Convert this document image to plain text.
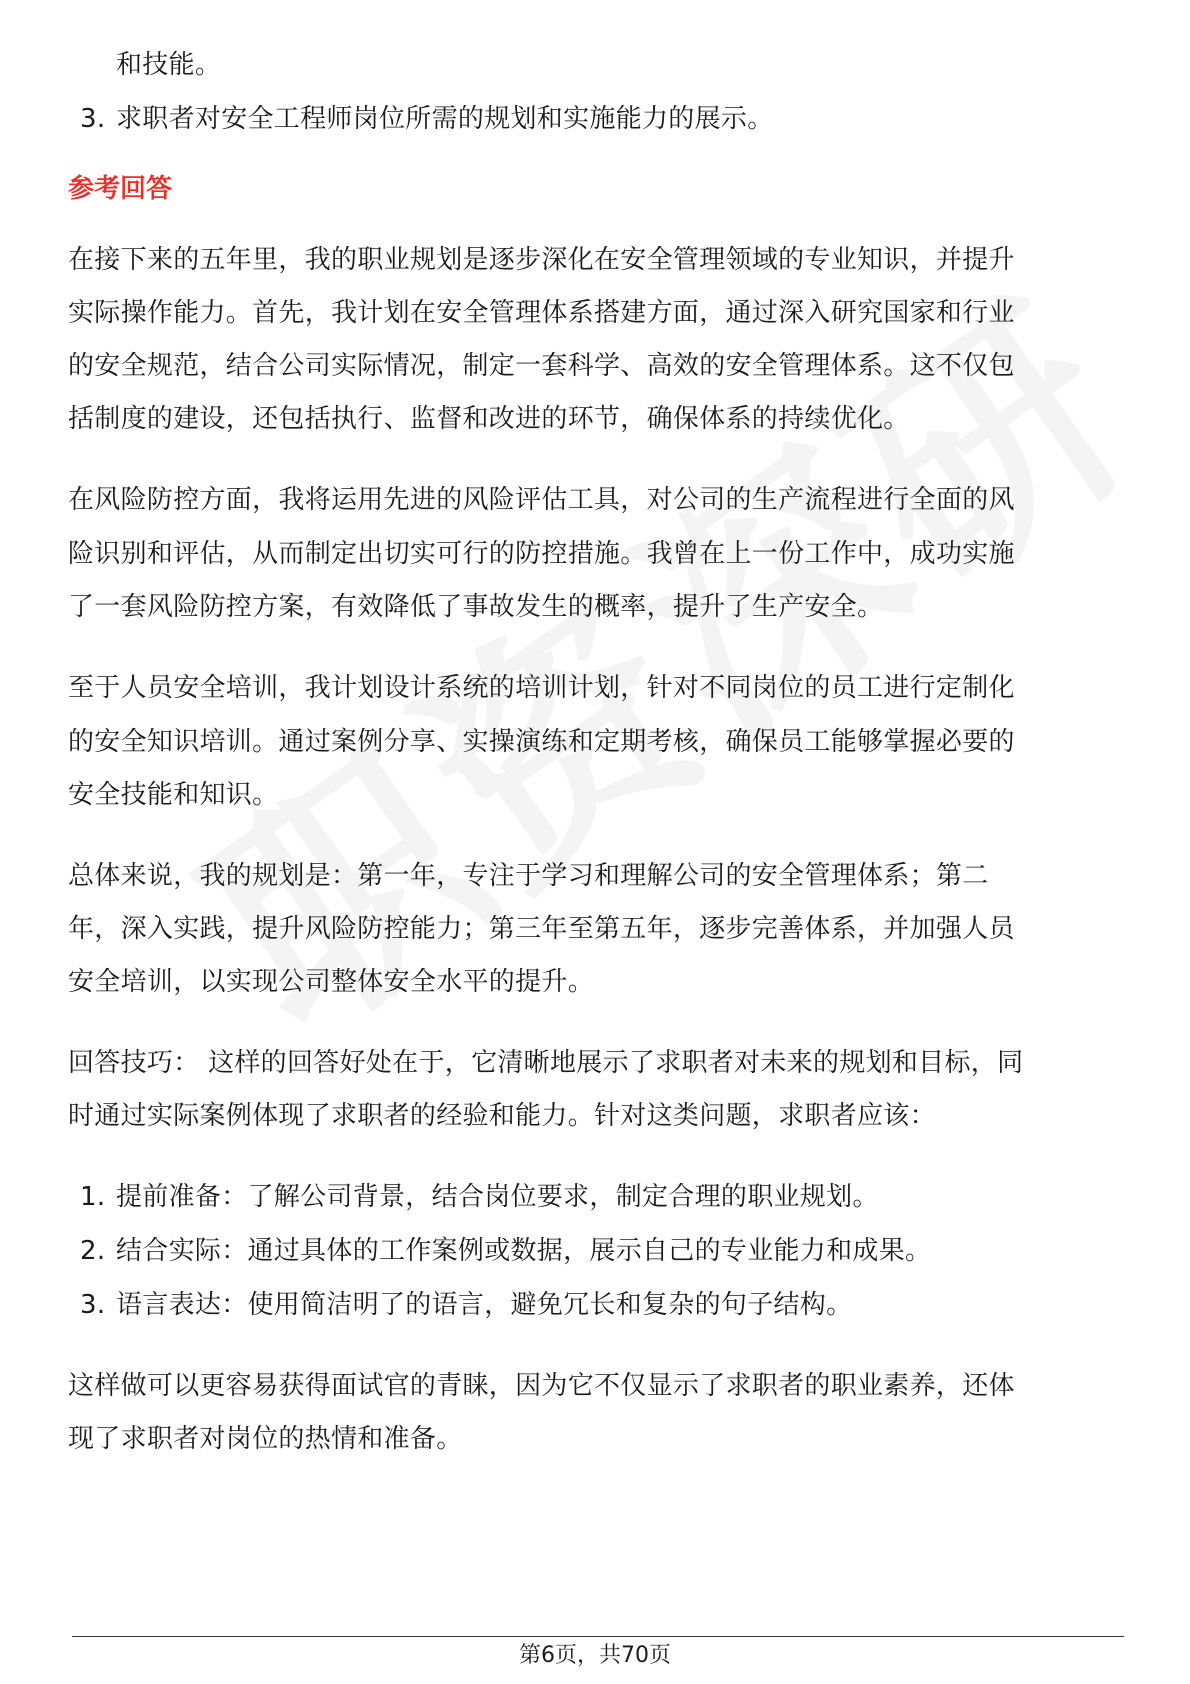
和技能。
3. 求职者对安全工程师岗位所需的规划和实施能力的展示。
参考回答
在接下来的五年里，我的职业规划是逐步深化在安全管理领域的专业知识，并提升
实际操作能力。首先，我计划在安全管理体系搭建方面，通过深入研究国家和行业
的安全规范，结合公司实际情况，制定一套科学、高效的安全管理体系。这不仅包
括制度的建设，还包括执行、监督和改进的环节，确保体系的持续优化。
在风险防控方面，我将运用先进的风险评估工具，对公司的生产流程进行全面的风
险识别和评估，从而制定出切实可行的防控措施。我曾在上一份工作中，成功实施
了一套风险防控方案，有效降低了事故发生的概率，提升了生产安全。
至于人员安全培训，我计划设计系统的培训计划，针对不同岗位的员工进行定制化
的安全知识培训。通过案例分享、实操演练和定期考核，确保员工能够掌握必要的
安全技能和知识。
总体来说，我的规划是：第一年，专注于学习和理解公司的安全管理体系；第二
年，深入实践，提升风险防控能力；第三年至第五年，逐步完善体系，并加强人员
安全培训，以实现公司整体安全水平的提升。
回答技巧： 这样的回答好处在于，它清晰地展示了求职者对未来的规划和目标，同
时通过实际案例体现了求职者的经验和能力。针对这类问题，求职者应该：
1. 提前准备：了解公司背景，结合岗位要求，制定合理的职业规划。
2. 结合实际：通过具体的工作案例或数据，展示自己的专业能力和成果。
3. 语言表达：使用简洁明了的语言，避免冗长和复杂的句子结构。
这样做可以更容易获得面试官的青睐，因为它不仅显示了求职者的职业素养，还体
现了求职者对岗位的热情和准备。
第6页，共70页
